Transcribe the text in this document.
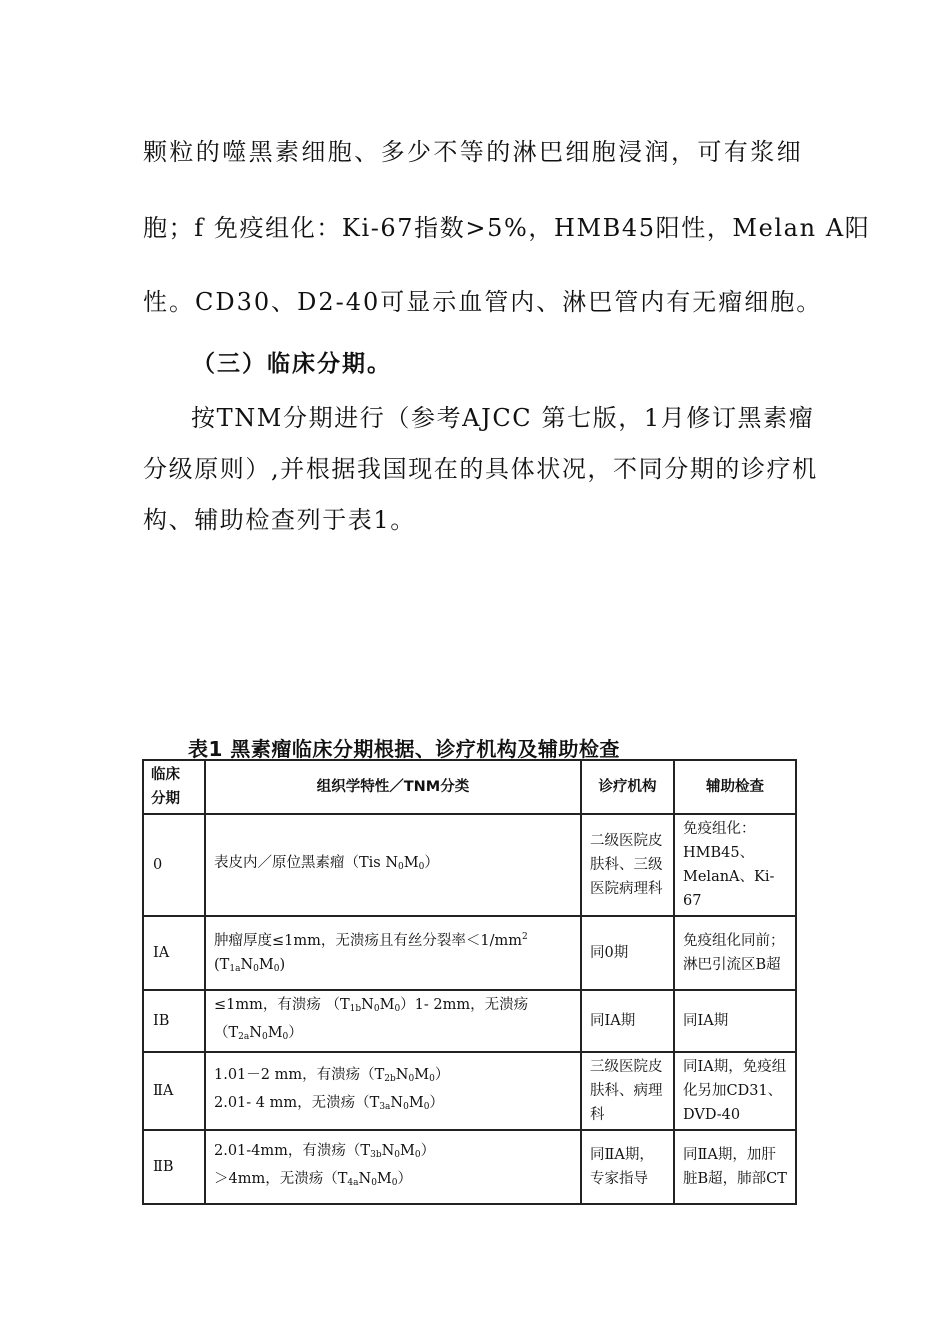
颗粒的噬黑素细胞、多少不等的淋巴细胞浸润，可有浆细
胞；f 免疫组化：Ki-67指数>5%，HMB45阳性，Melan A阳
性。CD30、D2-40可显示血管内、淋巴管内有无瘤细胞。
（三）临床分期。
按TNM分期进行（参考AJCC 第七版，1月修订黑素瘤分级原则）,并根据我国现在的具体状况，不同分期的诊疗机构、辅助检查列于表1。
表1 黑素瘤临床分期根据、诊疗机构及辅助检查
临床
分期	组织学特性／TNM分类	诊疗机构	辅助检查
0	表皮内／原位黑素瘤（Tis $N_0M_0$）	二级医院皮肤科、三级医院病理科	免疫组化：HMB45、MelanA、Ki-67
IA	肿瘤厚度≤1mm，无溃疡且有丝分裂率$<1/mm^2$
$(T_{1a}N_0M_0)$	同0期	免疫组化同前；淋巴引流区B超
IB	≤1mm，有溃疡 $(T_{1b}N_0M_0)1-$ 2mm，无溃疡
$(T_{2a}N_0M_0)$	同IA期	同IA期
ⅡA	1.01－2 mm，有溃疡$(T_{2b}N_0M_0)$
2.01- 4 mm，无溃疡$(T_{3a}N_0M_0)$	三级医院皮肤科、病理科	同IA期，免疫组化另加CD31、DVD-40
ⅡB	2.01-4mm，有溃疡$(T_{3b}N_0M_0)$
＞4mm，无溃疡$(T_{4a}N_0M_0)$	同ⅡA期，专家指导	同ⅡA期，加肝脏B超，肺部CT
